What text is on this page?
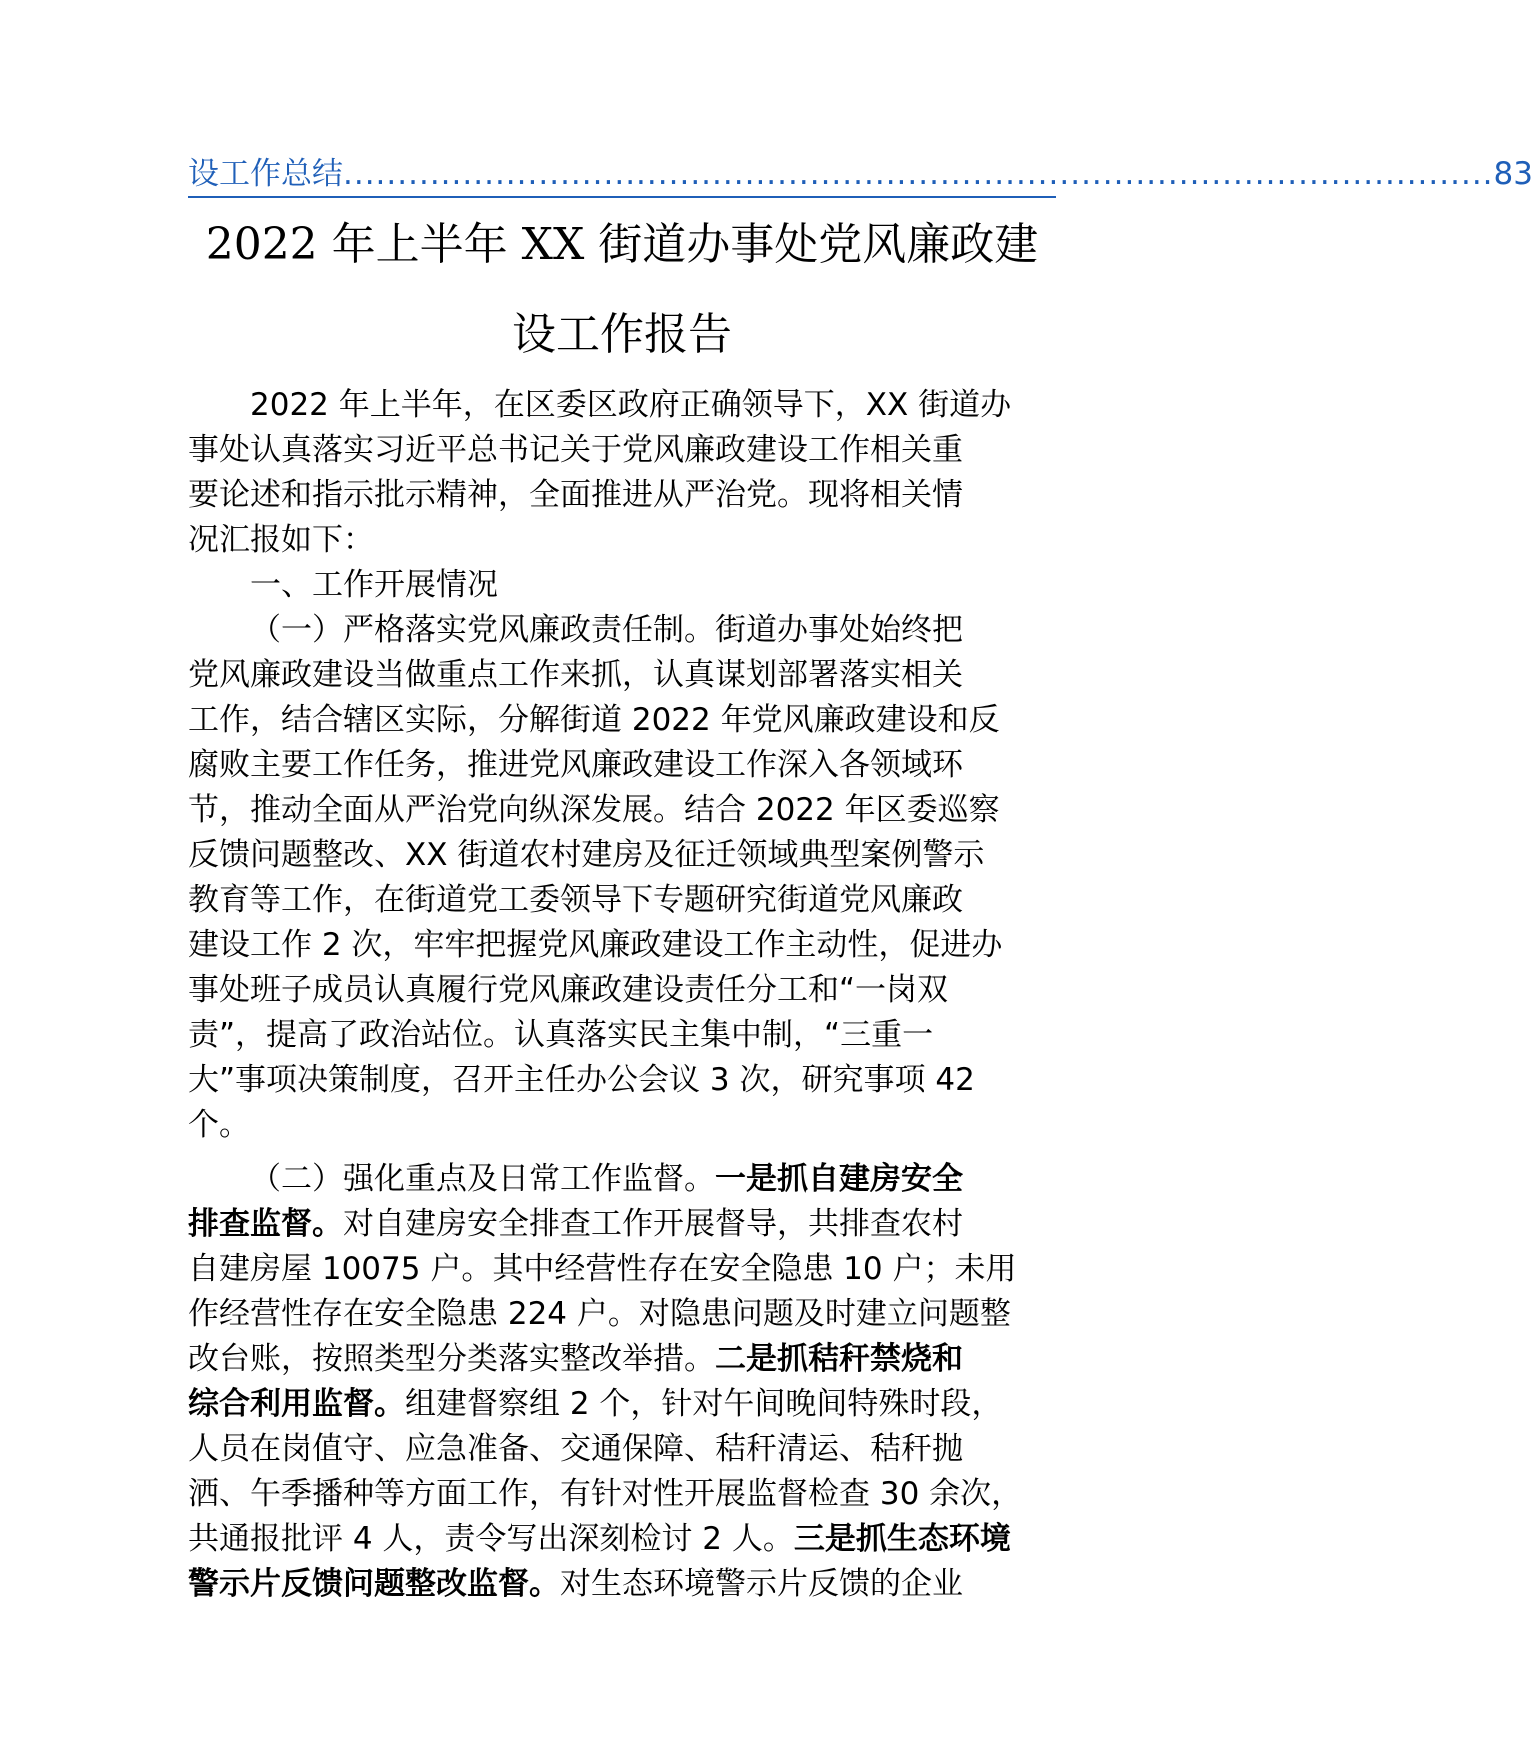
设工作总结 .......................................................................................................... 83
2022 年上半年 XX 街道办事处党风廉政建
设工作报告
2022 年上半年，在区委区政府正确领导下，XX 街道办
事处认真落实习近平总书记关于党风廉政建设工作相关重
要论述和指示批示精神，全面推进从严治党。现将相关情
况汇报如下：
一、工作开展情况
（一）严格落实党风廉政责任制。街道办事处始终把
党风廉政建设当做重点工作来抓，认真谋划部署落实相关
工作，结合辖区实际，分解街道 2022 年党风廉政建设和反
腐败主要工作任务，推进党风廉政建设工作深入各领域环
节，推动全面从严治党向纵深发展。结合 2022 年区委巡察
反馈问题整改、XX 街道农村建房及征迁领域典型案例警示
教育等工作，在街道党工委领导下专题研究街道党风廉政
建设工作 2 次，牢牢把握党风廉政建设工作主动性，促进办
事处班子成员认真履行党风廉政建设责任分工和“一岗双
责”，提高了政治站位。认真落实民主集中制，“三重一
大”事项决策制度，召开主任办公会议 3 次，研究事项 42
个。
（二）强化重点及日常工作监督。一是抓自建房安全
排查监督。对自建房安全排查工作开展督导，共排查农村
自建房屋 10075 户。其中经营性存在安全隐患 10 户；未用
作经营性存在安全隐患 224 户。对隐患问题及时建立问题整
改台账，按照类型分类落实整改举措。二是抓秸秆禁烧和
综合利用监督。组建督察组 2 个，针对午间晚间特殊时段，
人员在岗值守、应急准备、交通保障、秸秆清运、秸秆抛
洒、午季播种等方面工作，有针对性开展监督检查 30 余次，
共通报批评 4 人，责令写出深刻检讨 2 人。三是抓生态环境
警示片反馈问题整改监督。对生态环境警示片反馈的企业
